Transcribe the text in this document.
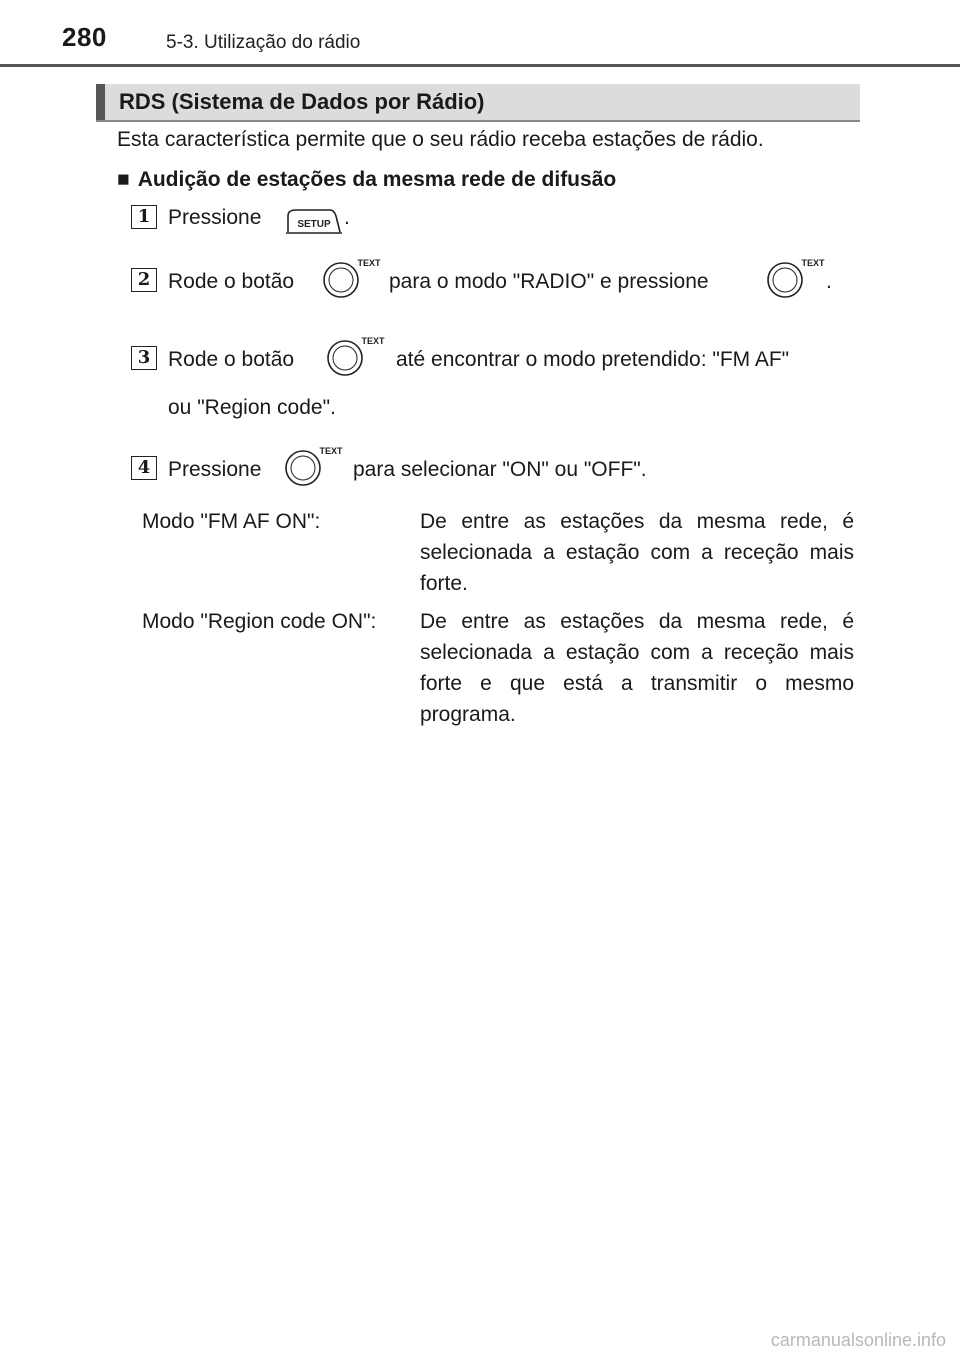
280	5-3. Utilização do rádio
RDS (Sistema de Dados por Rádio)
Esta característica permite que o seu rádio receba estações de rádio.
■ Audição de estações da mesma rede de difusão
1 Pressione	SETUP .
2 Rode o botão
TEXT
para o modo "RADIO" e pressione
TEXT
.
3 Rode o botão
TEXT
até encontrar o modo pretendido: "FM AF"
ou "Region code".
4 Pressione
TEXT
para selecionar "ON" ou "OFF".
Modo "FM AF ON":	De entre as estações da mesma rede, é selecionada a estação com a receção mais forte.
Modo "Region code ON": De entre as estações da mesma rede, é selecionada a estação com a receção mais forte e que está a transmitir o mesmo programa.
carmanualsonline.info
